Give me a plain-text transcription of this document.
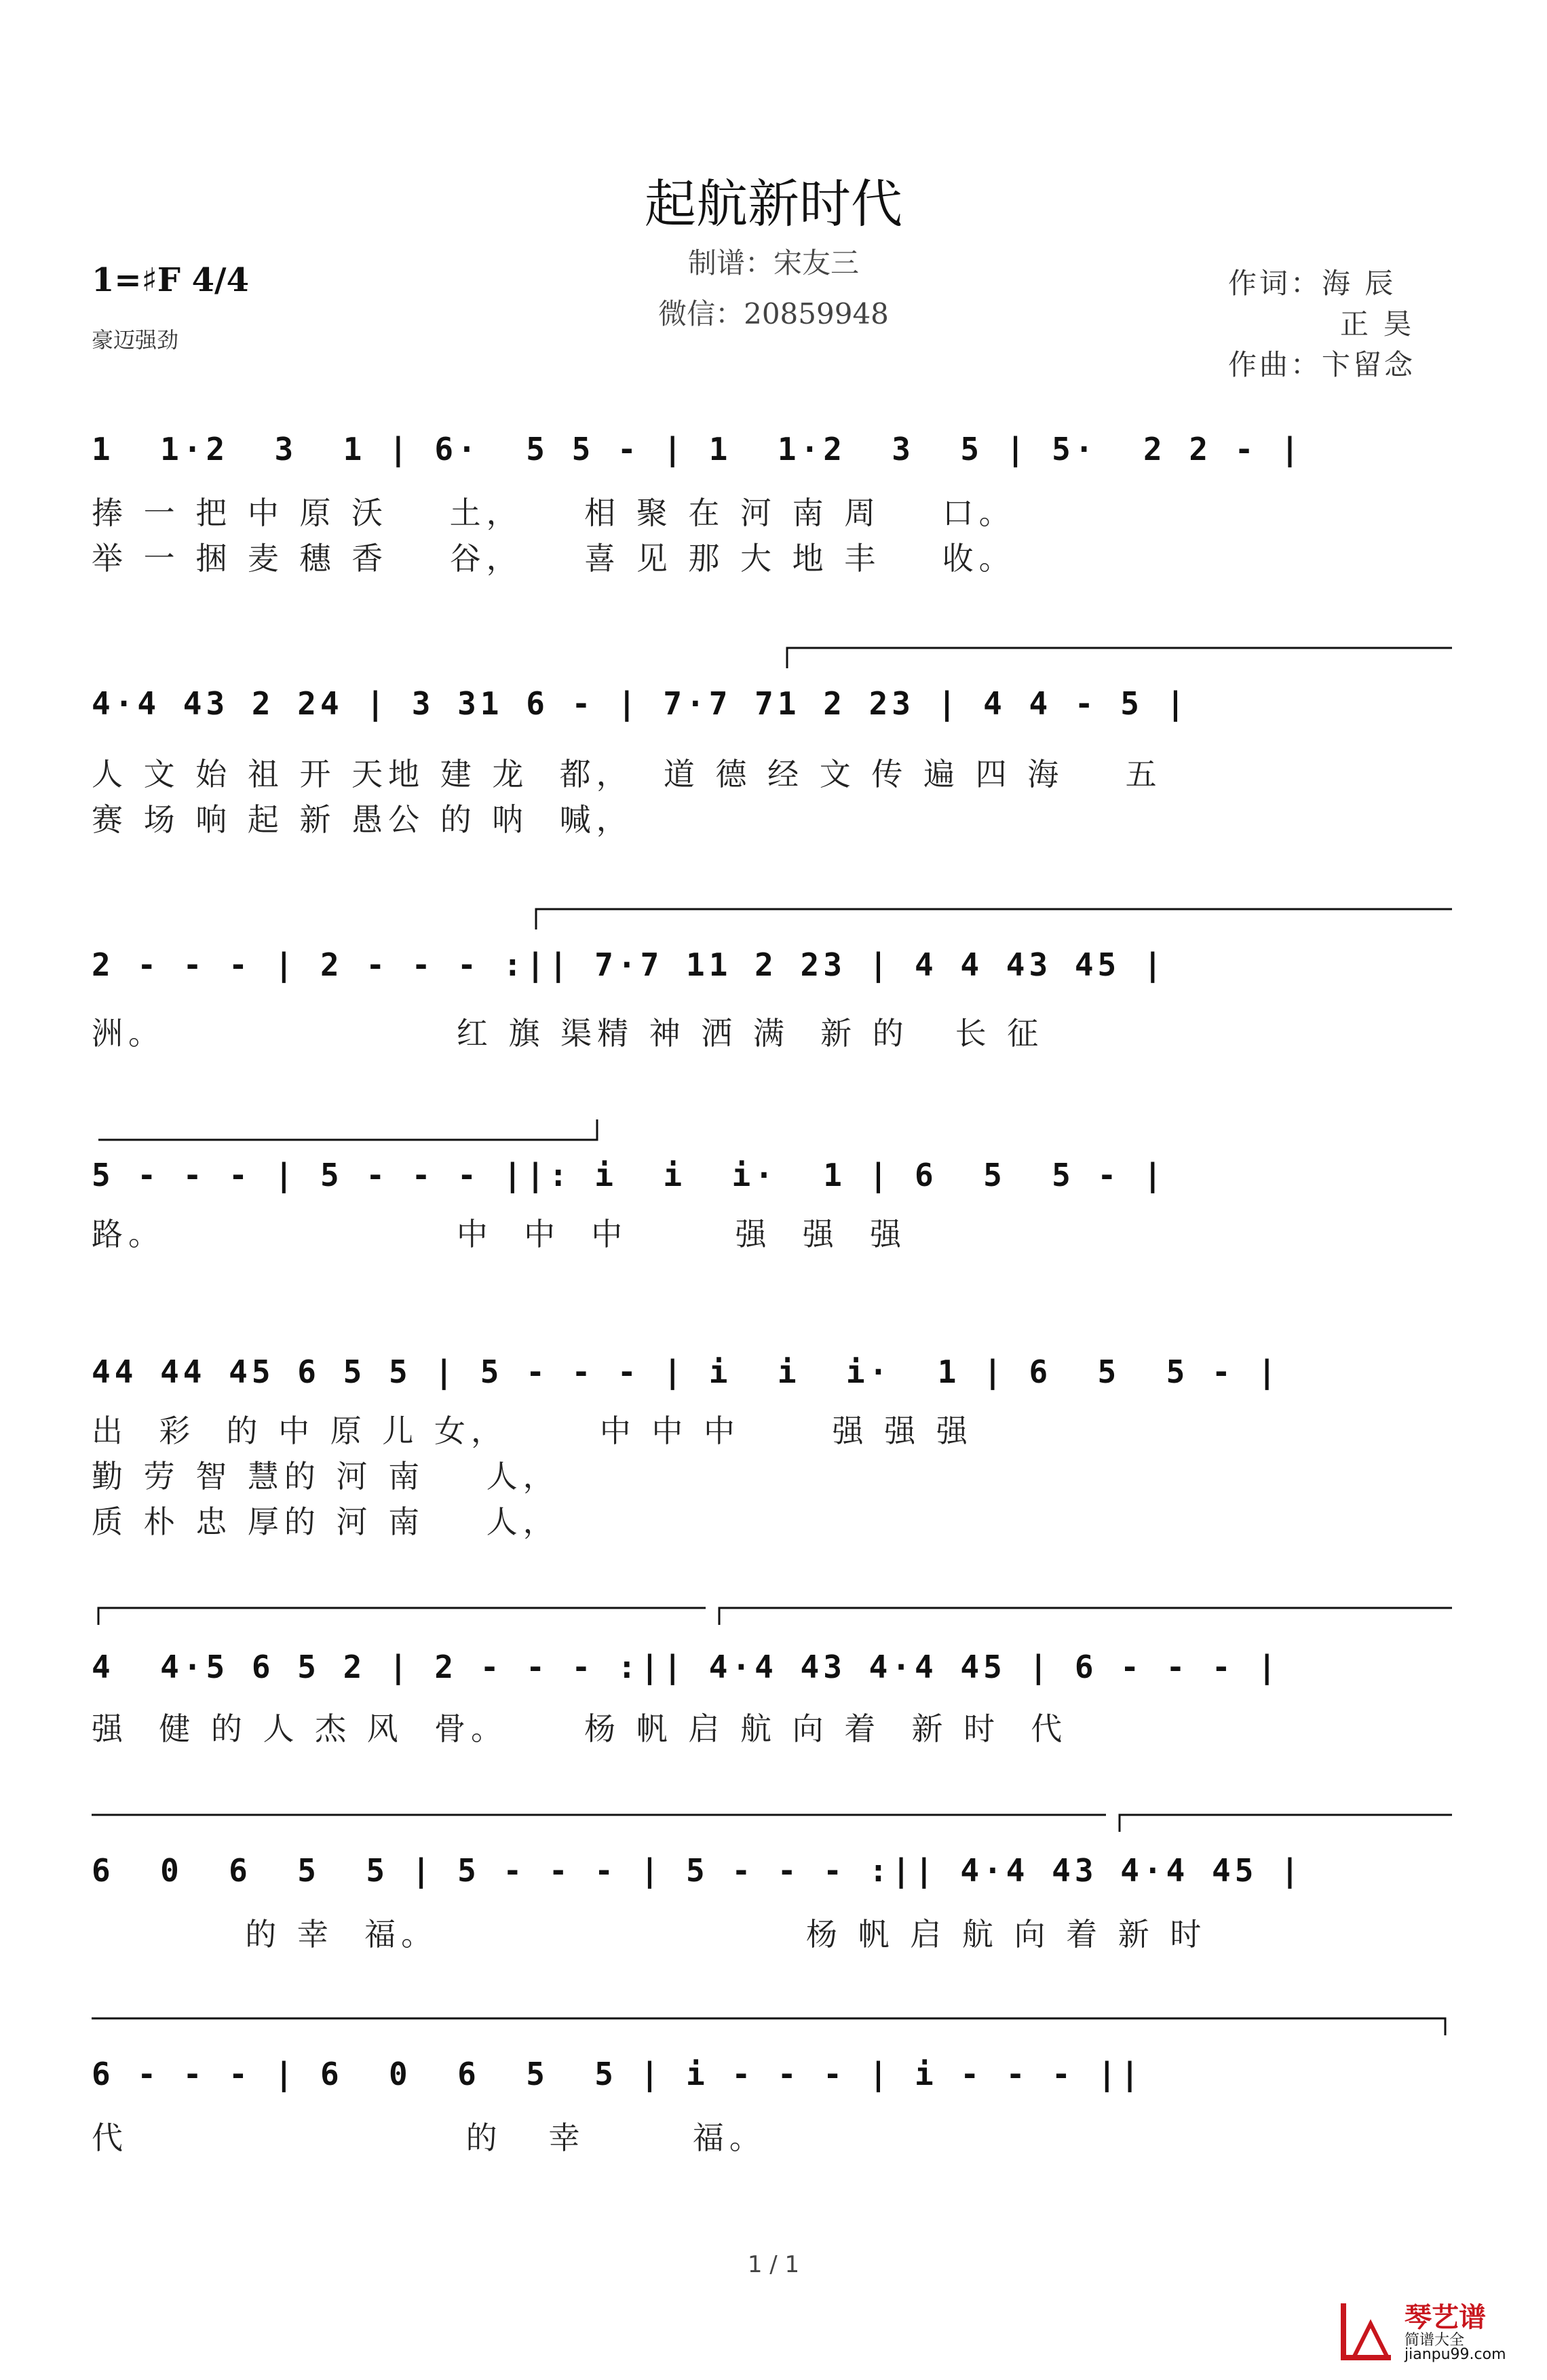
起航新时代
制谱：宋友三
微信：20859948
作词：海 辰
正 昊
作曲：卞留念
1=♯F 4/4
豪迈强劲
1  1·2  3  1 | 6·  5 5 - | 1  1·2  3  5 | 5·  2 2 - |
捧 一 把 中 原 沃    土，    相 聚 在 河 南 周    口。
举 一 捆 麦 穗 香    谷，    喜 见 那 大 地 丰    收。
4·4 43 2 24 | 3 31 6 - | 7·7 71 2 23 | 4 4 - 5 |
人 文 始 祖 开 天地 建 龙  都，  道 德 经 文 传 遍 四 海    五
赛 场 响 起 新 愚公 的 呐  喊，
2 - - - | 2 - - - :|| 7·7 11 2 23 | 4 4 43 45 |
洲。                   红 旗 渠精 神 洒 满  新 的   长 征
5 - - - | 5 - - - ||: i  i  i·  1 | 6  5  5 - |
路。                   中  中  中       强  强  强
44 44 45 6 5 5 | 5 - - - | i  i  i·  1 | 6  5  5 - |
出  彩  的 中 原 儿 女，      中 中 中      强 强 强
勤 劳 智 慧的 河 南    人，
质 朴 忠 厚的 河 南    人，
4  4·5 6 5 2 | 2 - - - :|| 4·4 43 4·4 45 | 6 - - - |
强  健 的 人 杰 风  骨。     杨 帆 启 航 向 着  新 时  代
6  0  6  5  5 | 5 - - - | 5 - - - :|| 4·4 43 4·4 45 |
的 幸  福。                        杨 帆 启 航 向 着 新 时
6 - - - | 6  0  6  5  5 | i - - - | i - - - ||
代                      的   幸       福。
1 / 1
琴艺谱
简谱大全
jianpu99.com
